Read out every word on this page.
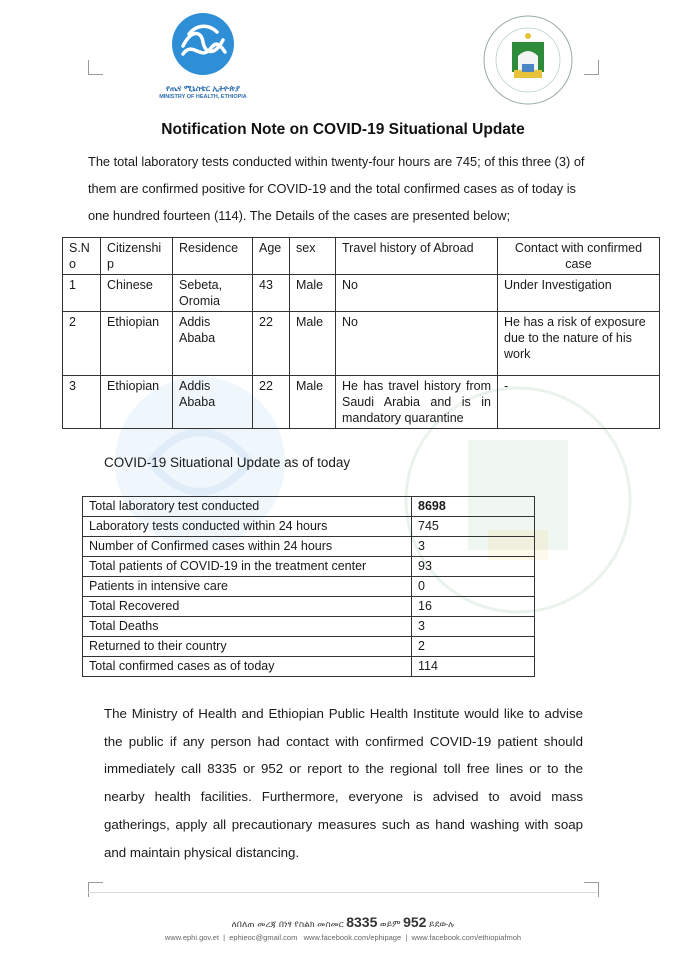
የጤና ሚኒስቴር ኢትዮጵያ
MINISTRY OF HEALTH, ETHIOPIA
Notification Note on COVID-19 Situational Update
The total laboratory tests conducted within twenty-four hours are 745; of this three (3) of them are confirmed positive for COVID-19 and the total confirmed cases as of today is one hundred fourteen (114). The Details of the cases are presented below;
S.No	Citizenship	Residence	Age	sex	Travel history of Abroad	Contact with confirmed case
1	Chinese	Sebeta, Oromia	43	Male	No	Under Investigation
2	Ethiopian	Addis Ababa	22	Male	No	He has a risk of exposure due to the nature of his work
3	Ethiopian	Addis Ababa	22	Male	He has travel history from Saudi Arabia and is in mandatory quarantine	-
COVID-19 Situational Update as of today
Total laboratory test conducted	8698
Laboratory tests conducted within 24 hours	745
Number of Confirmed cases within 24 hours	3
Total patients of COVID-19 in the treatment center	93
Patients in intensive care	0
Total Recovered	16
Total Deaths	3
Returned to their country	2
Total confirmed cases as of today	114
The Ministry of Health and Ethiopian Public Health Institute would like to advise the public if any person had contact with confirmed COVID-19 patient should immediately call 8335 or 952 or report to the regional toll free lines or to the nearby health facilities. Furthermore, everyone is advised to avoid mass gatherings, apply all precautionary measures such as hand washing with soap and maintain physical distancing.
ለበለጠ መረጃ በነፃ የስልክ መስመር 8335 ወይም 952 ይደውሉ
www.ephi.gov.et  |  ephieoc@gmail.com www.facebook.com/ephipage  |  www.facebook.com/ethiopiafmoh
